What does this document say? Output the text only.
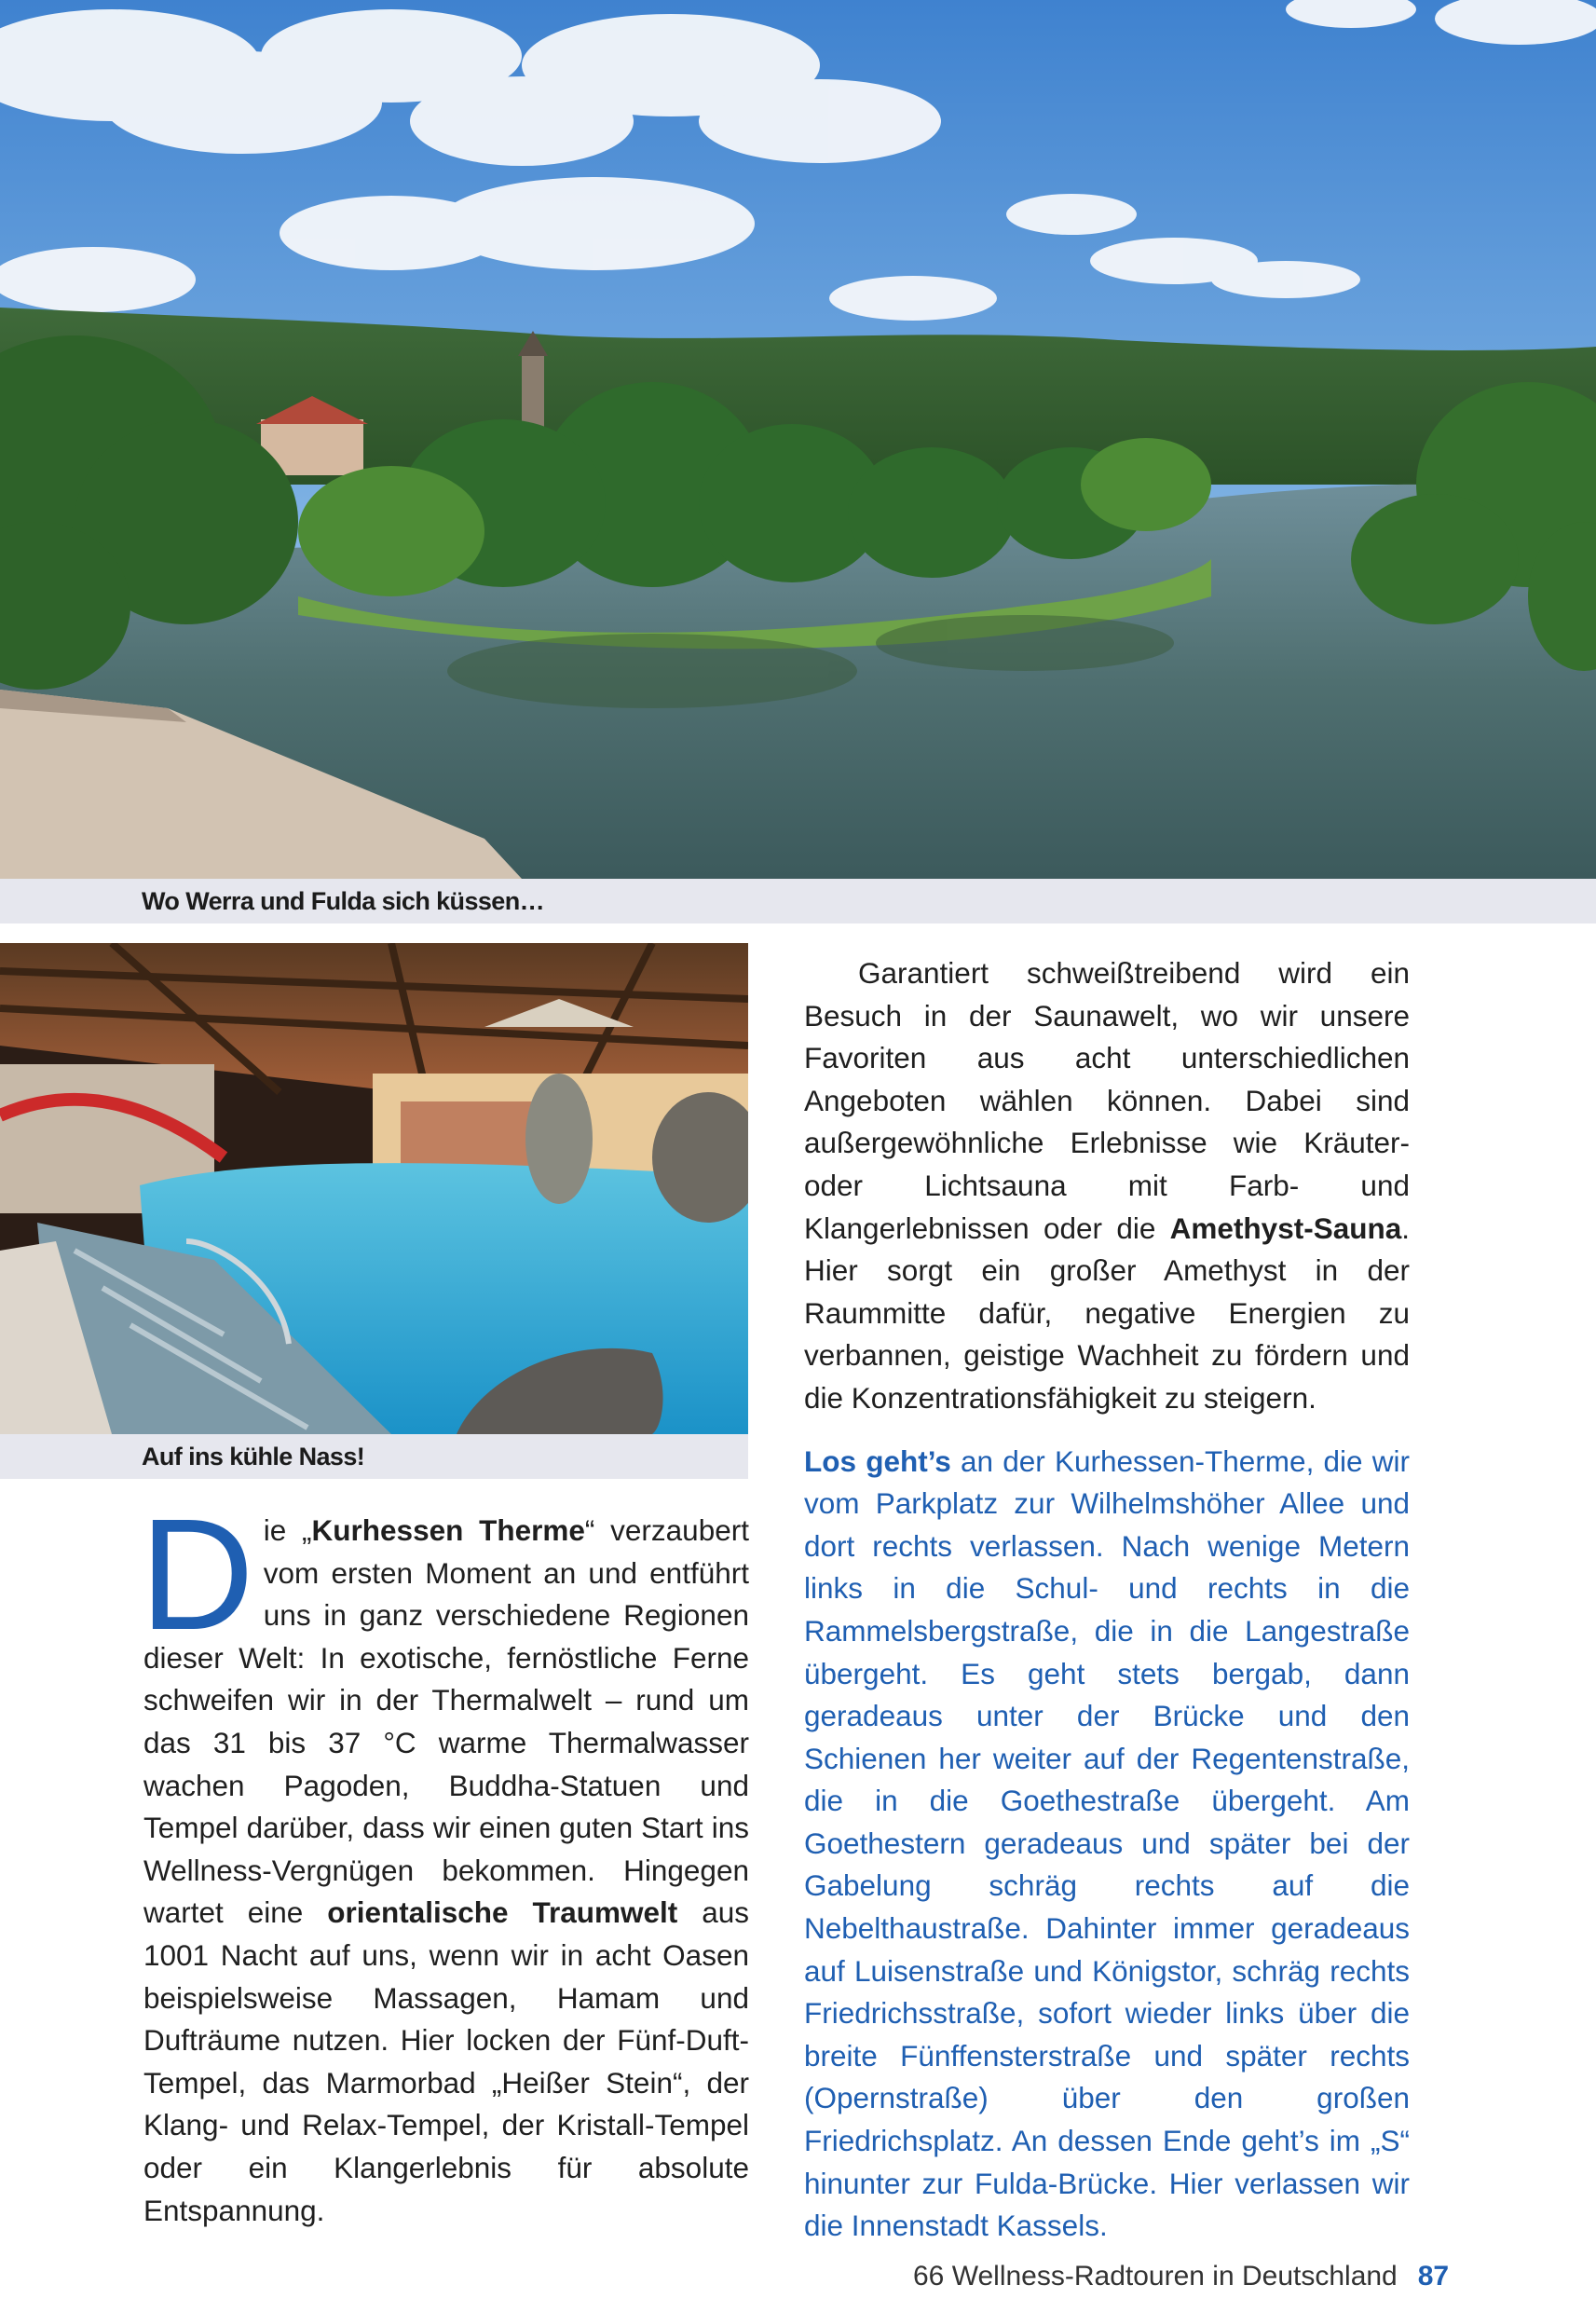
Wo Werra und Fulda sich küssen…
Auf ins kühle Nass!

Die „Kurhessen Therme“ verzaubert vom ersten Moment an und entführt uns in ganz verschiedene Regionen dieser Welt: In exotische, fernöstliche Ferne schweifen wir in der Thermalwelt – rund um das 31 bis 37 °C warme Thermalwasser wachen Pagoden, Buddha-Statuen und Tempel darüber, dass wir einen guten Start ins Wellness-Vergnügen bekommen. Hingegen wartet eine orientalische Traumwelt aus 1001 Nacht auf uns, wenn wir in acht Oasen beispielsweise Massagen, Hamam und Dufträume nutzen. Hier locken der Fünf-Duft-Tempel, das Marmorbad „Heißer Stein“, der Klang- und Relax-Tempel, der Kristall-Tempel oder ein Klangerlebnis für absolute Entspannung.

Garantiert schweißtreibend wird ein Besuch in der Saunawelt, wo wir unsere Favoriten aus acht unterschiedlichen Angeboten wählen können. Dabei sind außergewöhnliche Erlebnisse wie Kräuter- oder Lichtsauna mit Farb- und Klangerlebnissen oder die Amethyst-Sauna. Hier sorgt ein großer Amethyst in der Raummitte dafür, negative Energien zu verbannen, geistige Wachheit zu fördern und die Konzentrationsfähigkeit zu steigern.

Los geht’s an der Kurhessen-Therme, die wir vom Parkplatz zur Wilhelmshöher Allee und dort rechts verlassen. Nach wenige Metern links in die Schul- und rechts in die Rammelsbergstraße, die in die Langestraße übergeht. Es geht stets bergab, dann geradeaus unter der Brücke und den Schienen her weiter auf der Regentenstraße, die in die Goethestraße übergeht. Am Goethestern geradeaus und später bei der Gabelung schräg rechts auf die Nebelthaustraße. Dahinter immer geradeaus auf Luisenstraße und Königstor, schräg rechts Friedrichsstraße, sofort wieder links über die breite Fünffensterstraße und später rechts (Opernstraße) über den großen Friedrichsplatz. An dessen Ende geht’s im „S“ hinunter zur Fulda-Brücke. Hier verlassen wir die Innenstadt Kassels.

66 Wellness-Radtouren in Deutschland 87
